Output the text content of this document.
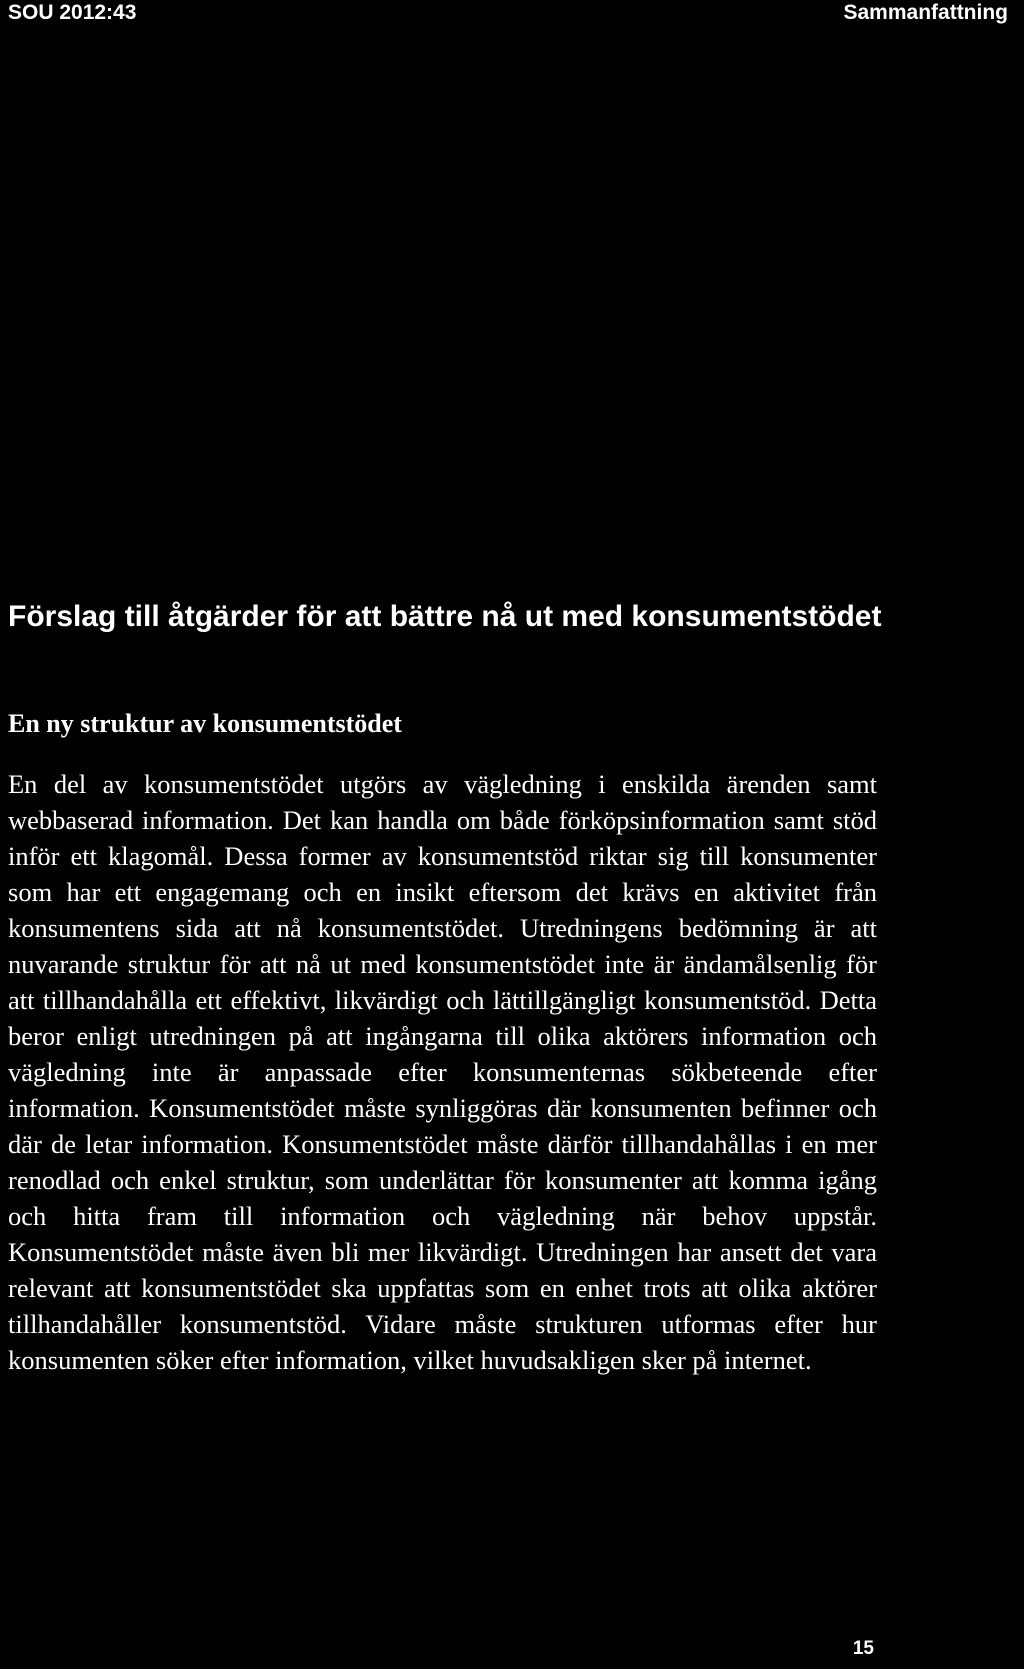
SOU 2012:43	Sammanfattning
Förslag till åtgärder för att bättre nå ut med konsumentstödet
En ny struktur av konsumentstödet

En del av konsumentstödet utgörs av vägledning i enskilda ärenden samt webbaserad information. Det kan handla om både förköpsinformation samt stöd inför ett klagomål. Dessa former av konsumentstöd riktar sig till konsumenter som har ett engagemang och en insikt eftersom det krävs en aktivitet från konsumentens sida att nå konsumentstödet. Utredningens bedömning är att nuvarande struktur för att nå ut med konsumentstödet inte är ändamålsenlig för att tillhandahålla ett effektivt, likvärdigt och lättillgängligt konsumentstöd. Detta beror enligt utredningen på att ingångarna till olika aktörers information och vägledning inte är anpassade efter konsumenternas sökbeteende efter information. Konsumentstödet måste synliggöras där konsumenten befinner och där de letar information. Konsumentstödet måste därför tillhandahållas i en mer renodlad och enkel struktur, som underlättar för konsumenter att komma igång och hitta fram till information och vägledning när behov uppstår. Konsumentstödet måste även bli mer likvärdigt. Utredningen har ansett det vara relevant att konsumentstödet ska uppfattas som en enhet trots att olika aktörer tillhandahåller konsumentstöd. Vidare måste strukturen utformas efter hur konsumenten söker efter information, vilket huvudsakligen sker på internet.

15
